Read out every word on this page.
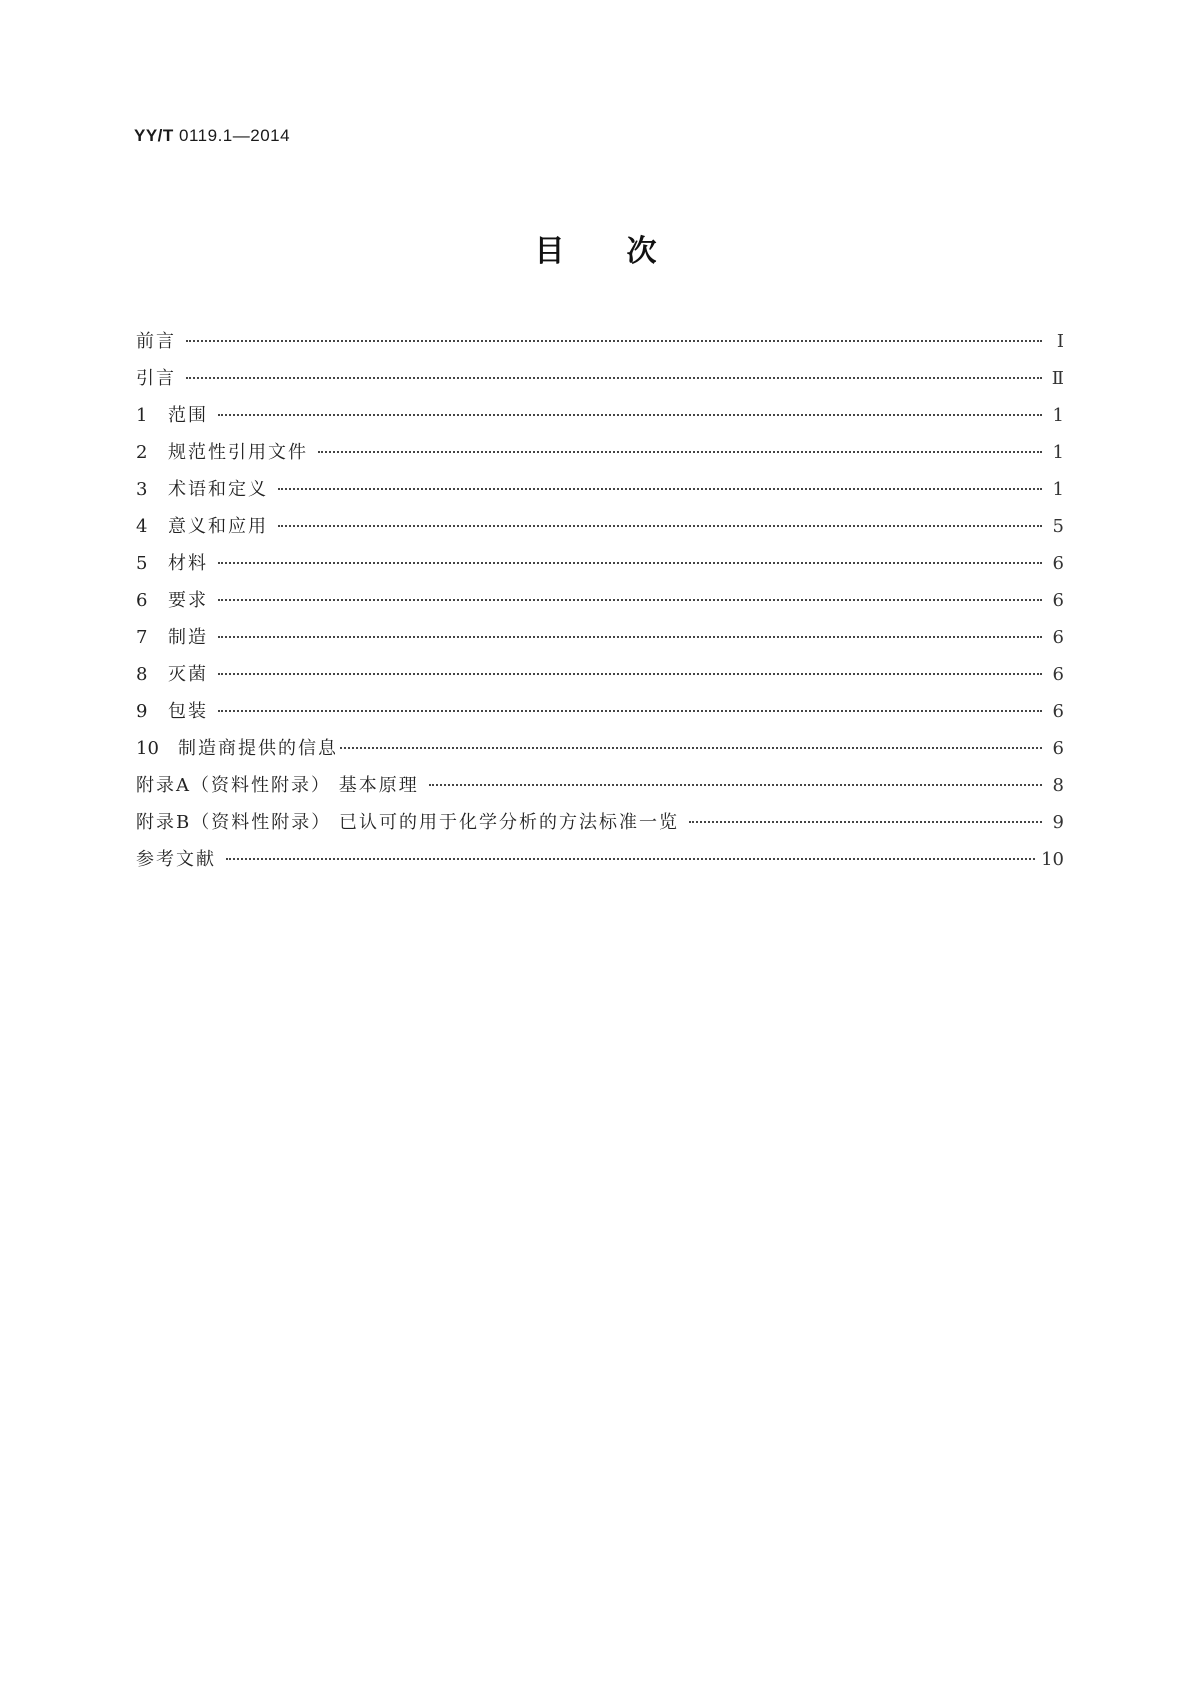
YY/T 0119.1—2014
目次
前言	Ⅰ
引言	Ⅱ
1	范围	1
2	规范性引用文件	1
3	术语和定义	1
4	意义和应用	5
5	材料	6
6	要求	6
7	制造	6
8	灭菌	6
9	包装	6
10	制造商提供的信息	6
附录A（资料性附录） 基本原理	8
附录B（资料性附录） 已认可的用于化学分析的方法标准一览	9
参考文献	10
